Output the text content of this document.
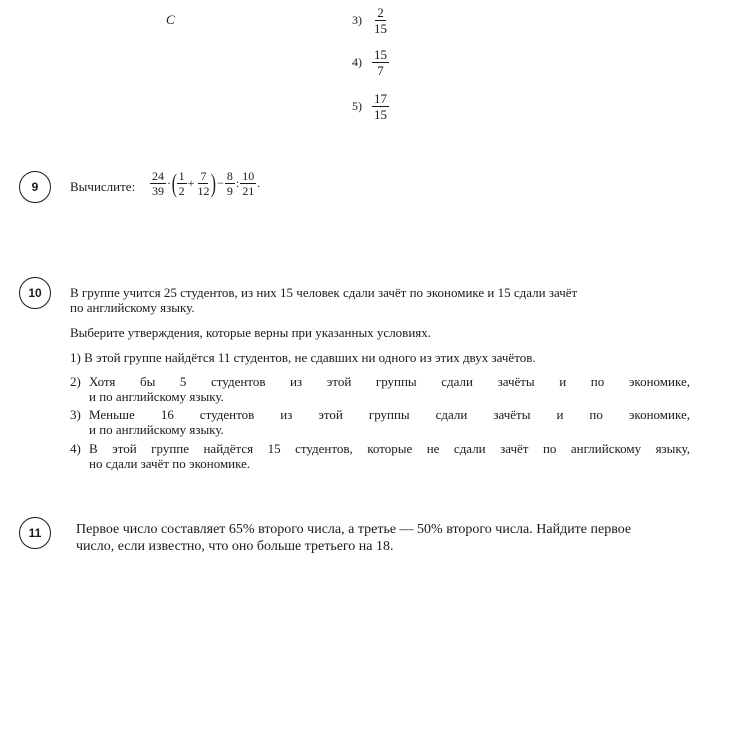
C	$3) \frac{2}{15}$
$4) \frac{15}{7}$
$5) \frac{17}{15}$
9	Вычислите: $\frac{24}{39}$ · ( $\frac{1}{2} + \frac{7}{12}$ ) − $\frac{8}{9}$ : $\frac{10}{21}$ .
10	В группе учится 25 студентов, из них 15 человек сдали зачёт по экономике и 15 сдали зачёт
по английскому языку.
Выберите утверждения, которые верны при указанных условиях.
1) В этой группе найдётся 11 студентов, не сдавших ни одного из этих двух зачётов.
2) Хотя бы 5 студентов из этой группы сдали зачёты и по экономике,
и по английскому языку.
3) Меньше 16 студентов из этой группы сдали зачёты и по экономике,
и по английскому языку.
4) В этой группе найдётся 15 студентов, которые не сдали зачёт по английскому языку,
но сдали зачёт по экономике.
11	Первое число составляет 65% второго числа, а третье — 50% второго числа. Найдите первое
число, если известно, что оно больше третьего на 18.
